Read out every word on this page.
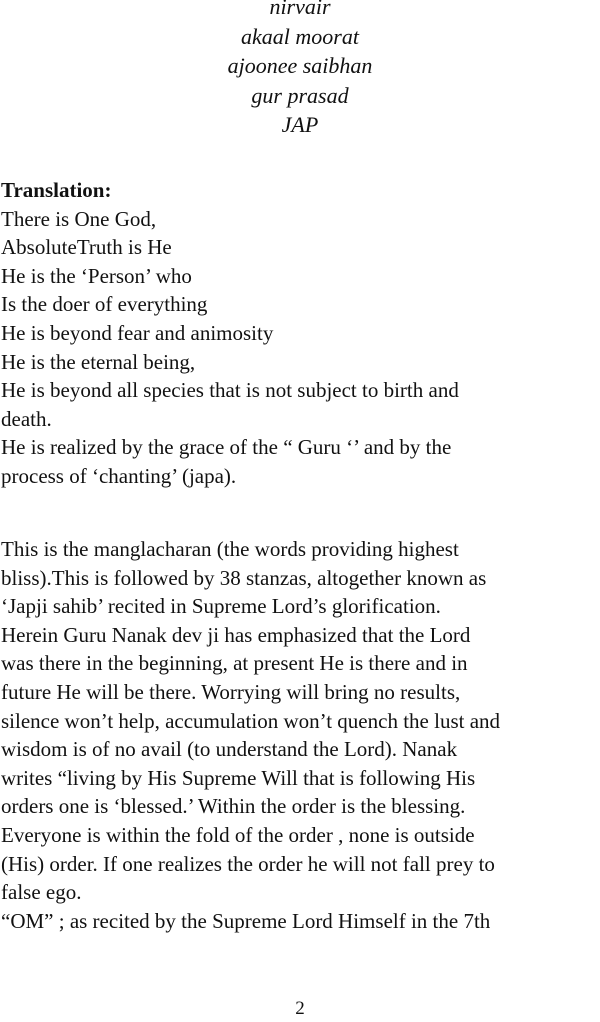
nirvair
akaal moorat
ajoonee saibhan
gur prasad
JAP
Translation:
There is One God,
AbsoluteTruth is He
He is the ‘Person’ who
Is the doer of everything
He is beyond fear and animosity
He is the eternal being,
He is beyond all species that is not subject to birth and
death.
He is realized by the grace of the “ Guru ‘’ and by the
process of ‘chanting’ (japa).
This is the manglacharan (the words providing highest
bliss).This is followed by 38 stanzas, altogether known as
‘Japji sahib’ recited in Supreme Lord’s glorification.
Herein Guru Nanak dev ji has emphasized that the Lord
was there in the beginning, at present He is there and in
future He will be there. Worrying will bring no results,
silence won’t help, accumulation won’t quench the lust and
wisdom is of no avail (to understand the Lord). Nanak
writes “living by His Supreme Will that is following His
orders one is ‘blessed.’ Within the order is the blessing.
Everyone is within the fold of the order , none is outside
(His) order. If one realizes the order he will not fall prey to
false ego.
“OM” ; as recited by the Supreme Lord Himself in the 7th
2
